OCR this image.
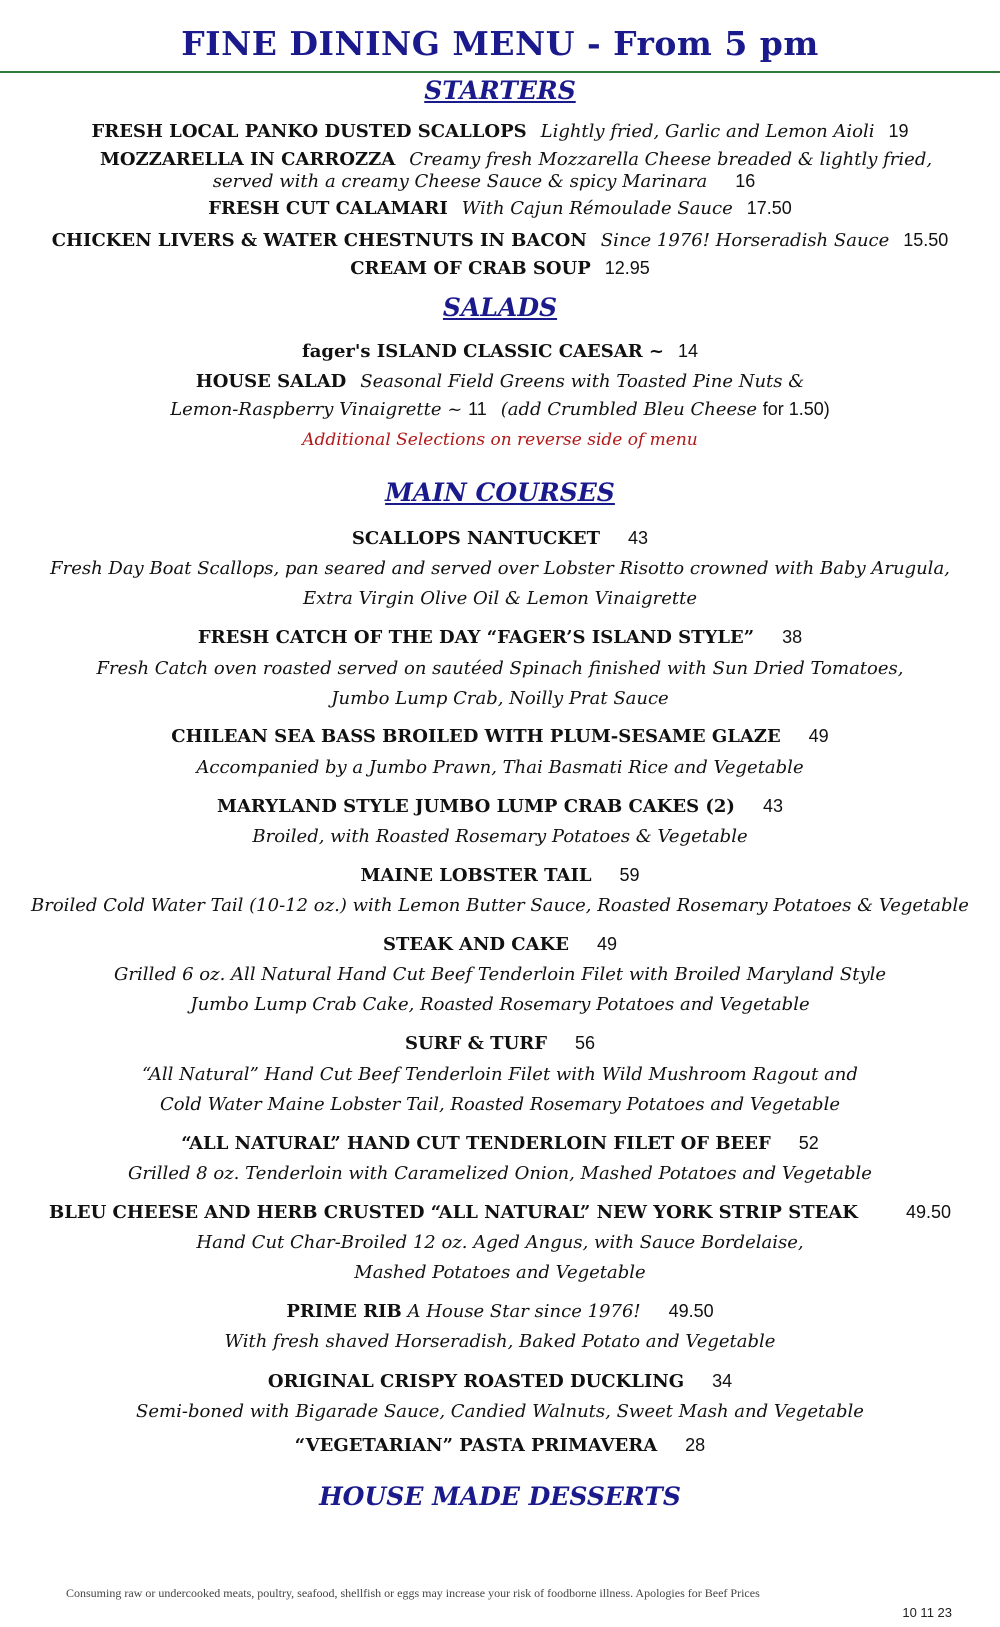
FINE DINING MENU - From 5 pm
STARTERS
FRESH LOCAL PANKO DUSTED SCALLOPS Lightly fried, Garlic and Lemon Aioli 19
MOZZARELLA IN CARROZZA Creamy fresh Mozzarella Cheese breaded & lightly fried,
served with a creamy Cheese Sauce & spicy Marinara 16
FRESH CUT CALAMARI With Cajun Rémoulade Sauce 17.50
CHICKEN LIVERS & WATER CHESTNUTS IN BACON Since 1976! Horseradish Sauce 15.50
CREAM OF CRAB SOUP 12.95
SALADS
fager's ISLAND CLASSIC CAESAR ~ 14
HOUSE SALAD Seasonal Field Greens with Toasted Pine Nuts &
Lemon-Raspberry Vinaigrette ~ 11 (add Crumbled Bleu Cheese for 1.50)
Additional Selections on reverse side of menu
MAIN COURSES
SCALLOPS NANTUCKET 43
Fresh Day Boat Scallops, pan seared and served over Lobster Risotto crowned with Baby Arugula,
Extra Virgin Olive Oil & Lemon Vinaigrette
FRESH CATCH OF THE DAY “FAGER’S ISLAND STYLE” 38
Fresh Catch oven roasted served on sautéed Spinach finished with Sun Dried Tomatoes,
Jumbo Lump Crab, Noilly Prat Sauce
CHILEAN SEA BASS BROILED WITH PLUM-SESAME GLAZE 49
Accompanied by a Jumbo Prawn, Thai Basmati Rice and Vegetable
MARYLAND STYLE JUMBO LUMP CRAB CAKES (2) 43
Broiled, with Roasted Rosemary Potatoes & Vegetable
MAINE LOBSTER TAIL 59
Broiled Cold Water Tail (10-12 oz.) with Lemon Butter Sauce, Roasted Rosemary Potatoes & Vegetable
STEAK AND CAKE 49
Grilled 6 oz. All Natural Hand Cut Beef Tenderloin Filet with Broiled Maryland Style
Jumbo Lump Crab Cake, Roasted Rosemary Potatoes and Vegetable
SURF & TURF 56
“All Natural” Hand Cut Beef Tenderloin Filet with Wild Mushroom Ragout and
Cold Water Maine Lobster Tail, Roasted Rosemary Potatoes and Vegetable
“ALL NATURAL” HAND CUT TENDERLOIN FILET OF BEEF 52
Grilled 8 oz. Tenderloin with Caramelized Onion, Mashed Potatoes and Vegetable
BLEU CHEESE AND HERB CRUSTED “ALL NATURAL” NEW YORK STRIP STEAK	49.50
Hand Cut Char-Broiled 12 oz. Aged Angus, with Sauce Bordelaise,
Mashed Potatoes and Vegetable
PRIME RIB A House Star since 1976! 49.50
With fresh shaved Horseradish, Baked Potato and Vegetable
ORIGINAL CRISPY ROASTED DUCKLING 34
Semi-boned with Bigarade Sauce, Candied Walnuts, Sweet Mash and Vegetable
“VEGETARIAN” PASTA PRIMAVERA 28
HOUSE MADE DESSERTS
Consuming raw or undercooked meats, poultry, seafood, shellfish or eggs may increase your risk of foodborne illness. Apologies for Beef Prices
10 11 23
